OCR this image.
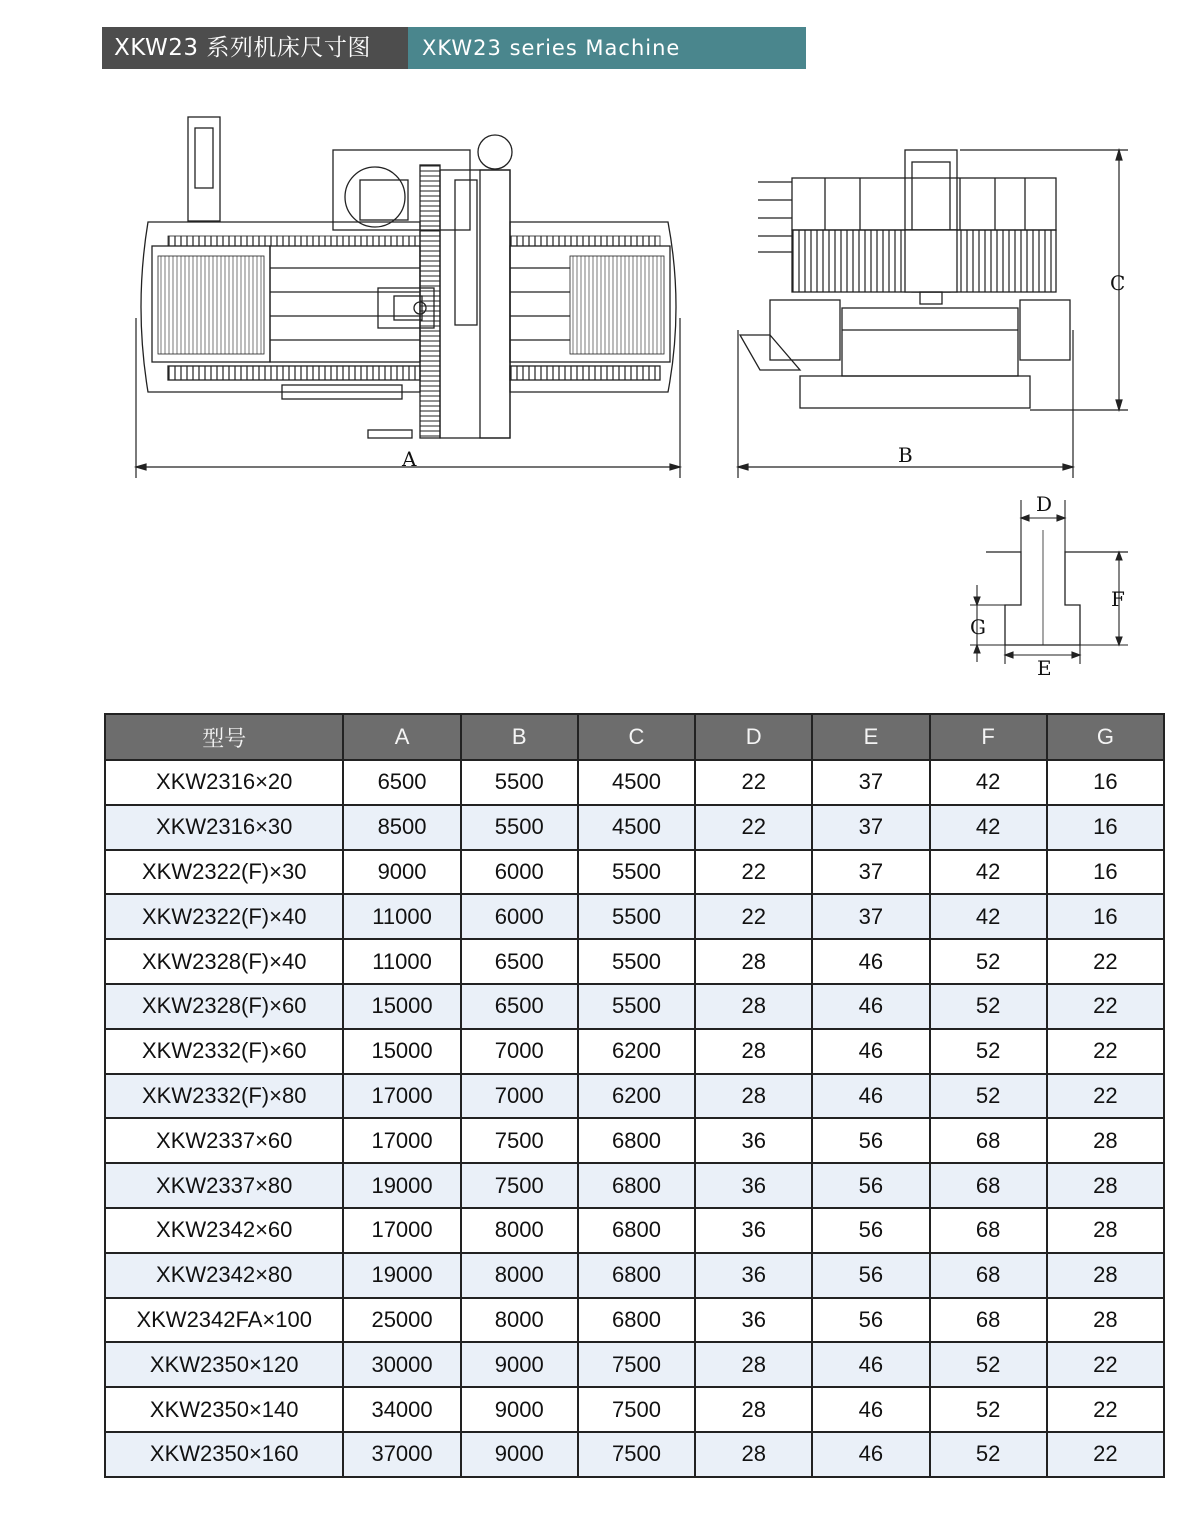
XKW23 系列机床尺寸图	XKW23 series Machine Dimension
A	B
C
D
E
F
G
型号	A	B	C	D	E	F	G
XKW2316×20	6500	5500	4500	22	37	42	16
XKW2316×30	8500	5500	4500	22	37	42	16
XKW2322(F)×30	9000	6000	5500	22	37	42	16
XKW2322(F)×40	11000	6000	5500	22	37	42	16
XKW2328(F)×40	11000	6500	5500	28	46	52	22
XKW2328(F)×60	15000	6500	5500	28	46	52	22
XKW2332(F)×60	15000	7000	6200	28	46	52	22
XKW2332(F)×80	17000	7000	6200	28	46	52	22
XKW2337×60	17000	7500	6800	36	56	68	28
XKW2337×80	19000	7500	6800	36	56	68	28
XKW2342×60	17000	8000	6800	36	56	68	28
XKW2342×80	19000	8000	6800	36	56	68	28
XKW2342FA×100	25000	8000	6800	36	56	68	28
XKW2350×120	30000	9000	7500	28	46	52	22
XKW2350×140	34000	9000	7500	28	46	52	22
XKW2350×160	37000	9000	7500	28	46	52	22
